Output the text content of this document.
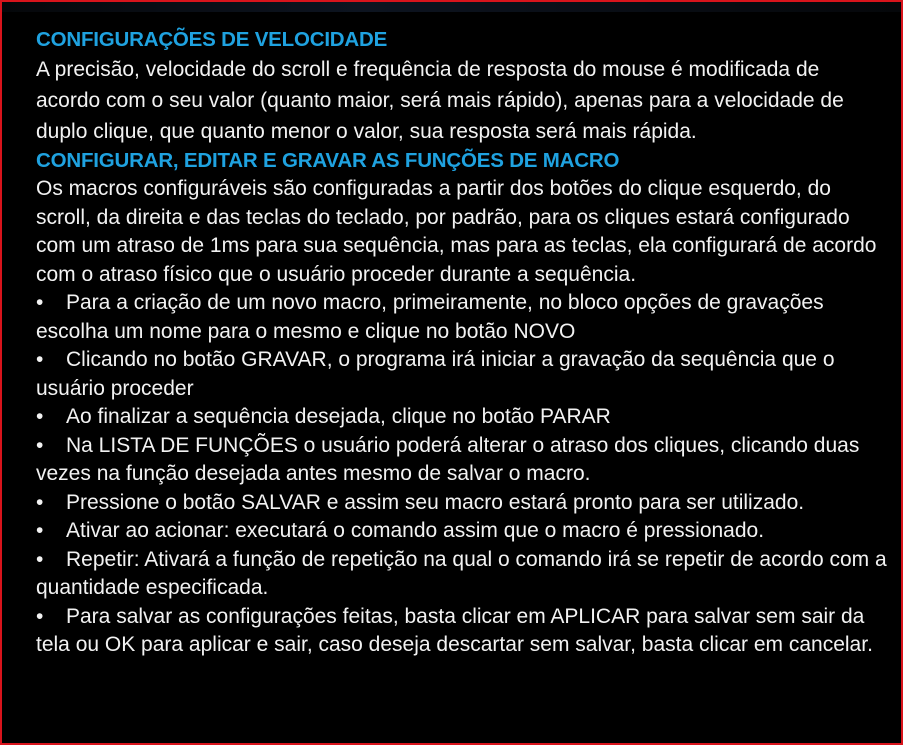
CONFIGURAÇÕES DE VELOCIDADE

A precisão, velocidade do scroll e frequência de resposta do mouse é modificada de acordo com o seu valor (quanto maior, será mais rápido), apenas para a velocidade de duplo clique, que quanto menor o valor, sua resposta será mais rápida.

CONFIGURAR, EDITAR E GRAVAR AS FUNÇÕES DE MACRO

Os macros configuráveis são configuradas a partir dos botões do clique esquerdo, do scroll, da direita e das teclas do teclado, por padrão, para os cliques estará configurado com um atraso de 1ms para sua sequência, mas para as teclas, ela configurará de acordo com o atraso físico que o usuário proceder durante a sequência.

• Para a criação de um novo macro, primeiramente, no bloco opções de gravações escolha um nome para o mesmo e clique no botão NOVO

• Clicando no botão GRAVAR, o programa irá iniciar a gravação da sequência que o usuário proceder

• Ao finalizar a sequência desejada, clique no botão PARAR

• Na LISTA DE FUNÇÕES o usuário poderá alterar o atraso dos cliques, clicando duas vezes na função desejada antes mesmo de salvar o macro.

• Pressione o botão SALVAR e assim seu macro estará pronto para ser utilizado.

• Ativar ao acionar: executará o comando assim que o macro é pressionado.

• Repetir: Ativará a função de repetição na qual o comando irá se repetir de acordo com a quantidade especificada.

• Para salvar as configurações feitas, basta clicar em APLICAR para salvar sem sair da tela ou OK para aplicar e sair, caso deseja descartar sem salvar, basta clicar em cancelar.
